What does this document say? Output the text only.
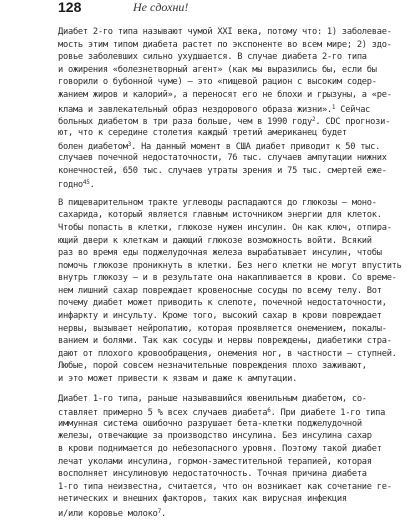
128	Не сдохни!
Диабет 2-го типа называют чумой XXI века, потому что: 1) заболевае-
мость этим типом диабета растет по экспоненте во всем мире; 2) здо-
ровье заболевших сильно ухудшается. В случае диабета 2-го типа
и ожирения «болезнетворный агент» (как мы выразились бы, если бы
говорили о бубонной чуме) — это «пищевой рацион с высоким содер-
жанием жиров и калорий», а переносят его не блохи и грызуны, а «ре-
клама и завлекательный образ нездорового образа жизни».$^1$ Сейчас
больных диабетом в три раза больше, чем в 1990 году$^2$. CDC прогнози-
ют, что к середине столетия каждый третий американец будет
болен диабетом$^3$. На данный момент в США диабет приводит к 50 тыс.
случаев почечной недостаточности, 76 тыс. случаев ампутации нижних
конечностей, 650 тыс. случаев утраты зрения и 75 тыс. смертей еже-
годно$^{45}$.
В пищеварительном тракте углеводы распадаются до глюкозы — моно-
сахарида, который является главным источником энергии для клеток.
Чтобы попасть в клетки, глюкозе нужен инсулин. Он как ключ, отпира-
ющий двери к клеткам и дающий глюкозе возможность войти. Всякий
раз во время еды поджелудочная железа вырабатывает инсулин, чтобы
помочь глюкозе проникнуть в клетки. Без него клетки не могут впустить
внутрь глюкозу — и в результате она накапливается в крови. Со време-
нем лишний сахар повреждает кровеносные сосуды по всему телу. Вот
почему диабет может приводить к слепоте, почечной недостаточности,
инфаркту и инсульту. Кроме того, высокий сахар в крови повреждает
нервы, вызывает нейропатию, которая проявляется онемением, покалы-
ванием и болями. Так как сосуды и нервы повреждены, диабетики стра-
дают от плохого кровообращения, онемения ног, в частности — ступней.
Любые, порой совсем незначительные повреждения плохо заживают,
и это может привести к язвам и даже к ампутации.
Диабет 1-го типа, раньше называвшийся ювенильным диабетом, со-
ставляет примерно 5 % всех случаев диабета$^6$. При диабете 1-го типа
иммунная система ошибочно разрушает бета-клетки поджелудочной
железы, отвечающие за производство инсулина. Без инсулина сахар
в крови поднимается до небезопасного уровня. Поэтому такой диабет
лечат уколами инсулина, гормон-заместительной терапией, которая
восполняет инсулиновую недостаточность. Точная причина диабета
1-го типа неизвестна, считается, что он возникает как сочетание ге-
нетических и внешних факторов, таких как вирусная инфекция
и/или коровье молоко$^7$.
